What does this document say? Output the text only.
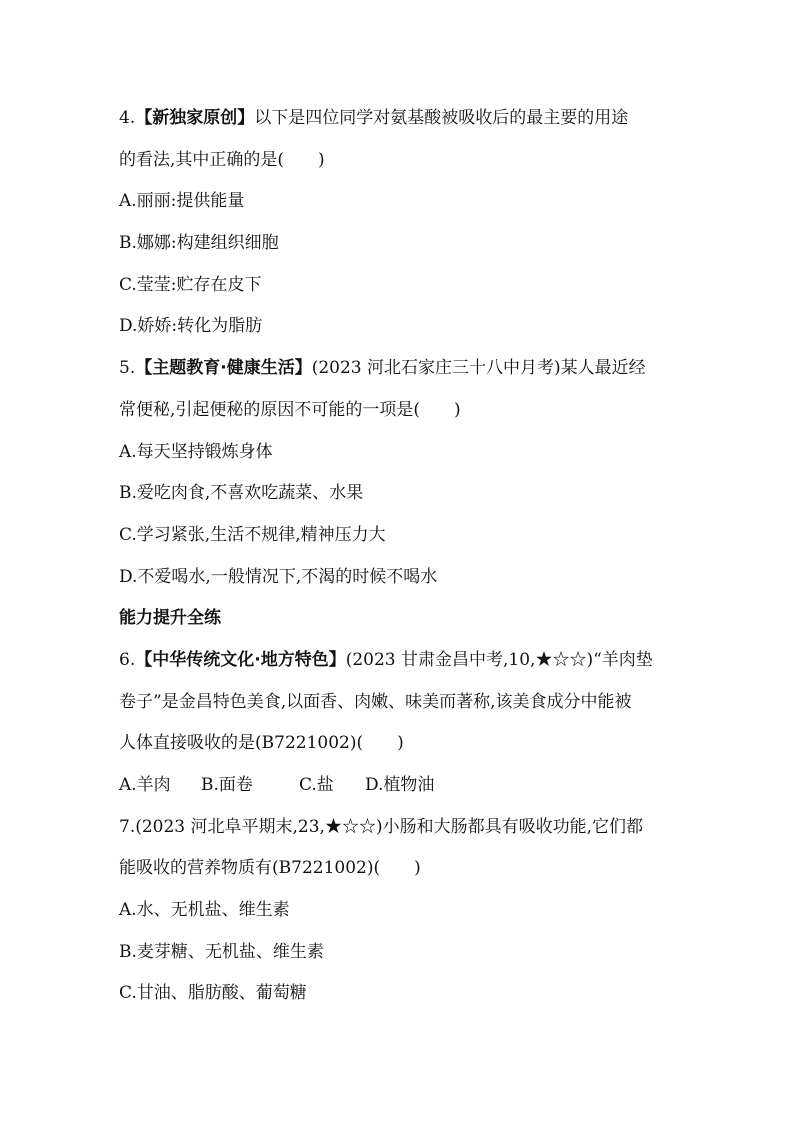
4.【新独家原创】以下是四位同学对氨基酸被吸收后的最主要的用途
的看法,其中正确的是(　　)
A.丽丽:提供能量
B.娜娜:构建组织细胞
C.莹莹:贮存在皮下
D.娇娇:转化为脂肪
5.【主题教育·健康生活】(2023 河北石家庄三十八中月考)某人最近经
常便秘,引起便秘的原因不可能的一项是(　　)
A.每天坚持锻炼身体
B.爱吃肉食,不喜欢吃蔬菜、水果
C.学习紧张,生活不规律,精神压力大
D.不爱喝水,一般情况下,不渴的时候不喝水
能力提升全练
6.【中华传统文化·地方特色】(2023 甘肃金昌中考,10,★☆☆)“羊肉垫
卷子”是金昌特色美食,以面香、肉嫩、味美而著称,该美食成分中能被
人体直接吸收的是(B7221002)(　　)
A.羊肉 B.面卷	C.盐 D.植物油
7.(2023 河北阜平期末,23,★☆☆)小肠和大肠都具有吸收功能,它们都
能吸收的营养物质有(B7221002)(　　)
A.水、无机盐、维生素
B.麦芽糖、无机盐、维生素
C.甘油、脂肪酸、葡萄糖
